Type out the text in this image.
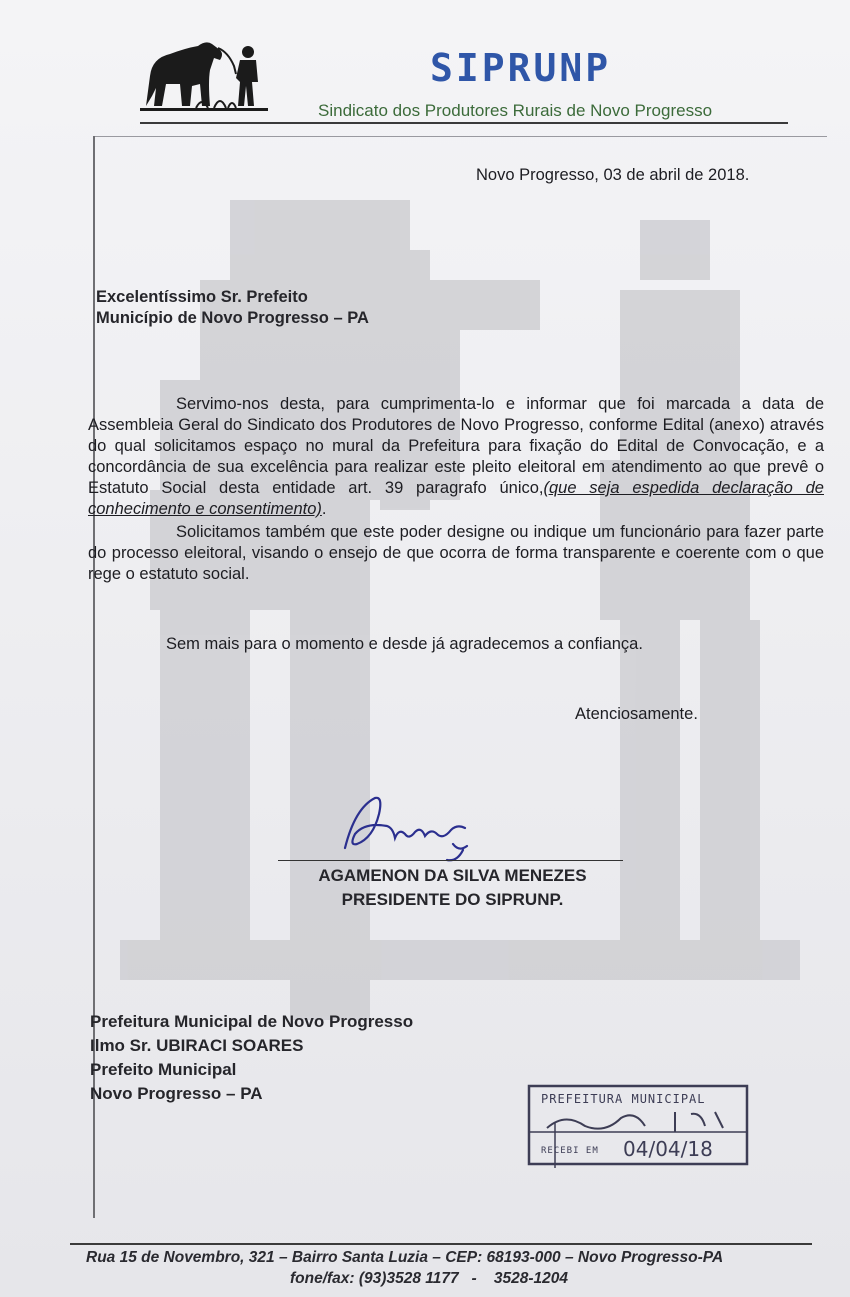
SIPRUNP
Sindicato dos Produtores Rurais de Novo Progresso
Novo Progresso, 03 de abril de 2018.
Excelentíssimo Sr. Prefeito
Município de Novo Progresso – PA
Servimo-nos desta, para cumprimenta-lo e informar que foi marcada a data de Assembleia Geral do Sindicato dos Produtores de Novo Progresso, conforme Edital (anexo) através do qual solicitamos espaço no mural da Prefeitura para fixação do Edital de Convocação, e a concordância de sua excelência para realizar este pleito eleitoral em atendimento ao que prevê o Estatuto Social desta entidade art. 39 paragrafo único,(que seja espedida declaração de conhecimento e consentimento).
Solicitamos também que este poder designe ou indique um funcionário para fazer parte do processo eleitoral, visando o ensejo de que ocorra de forma transparente e coerente com o que rege o estatuto social.
Sem mais para o momento e desde já agradecemos a confiança.
Atenciosamente.
AGAMENON DA SILVA MENEZES
PRESIDENTE DO SIPRUNP.
Prefeitura Municipal de Novo Progresso
Ilmo Sr. UBIRACI SOARES
Prefeito Municipal
Novo Progresso – PA	PREFEITURA MUNICIPAL
RECEBI EM 04/04/18
Rua 15 de Novembro, 321 – Bairro Santa Luzia – CEP: 68193-000 – Novo Progresso-PA
fone/fax: (93)3528 1177   -    3528-1204
